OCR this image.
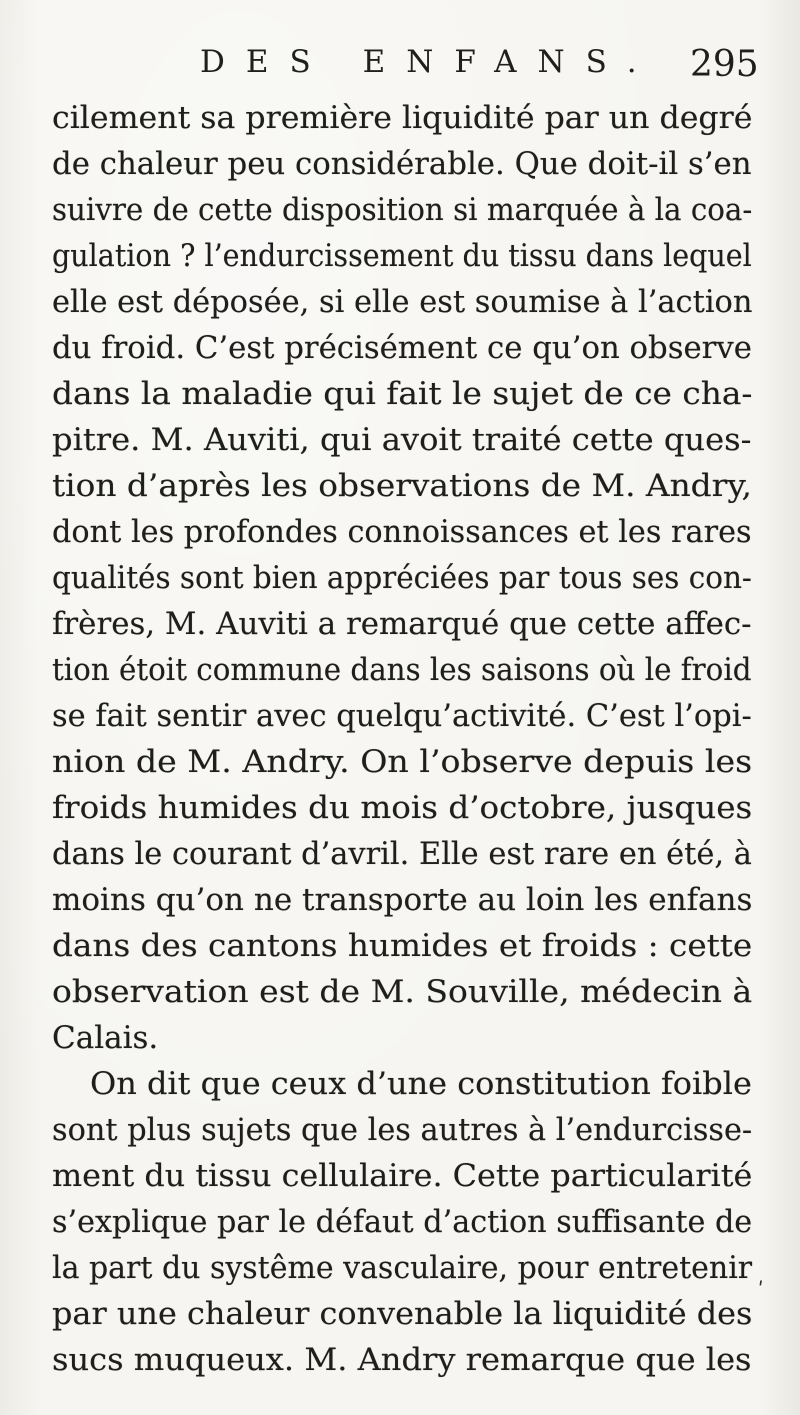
DES ENFANS. 295
cilement sa première liquidité par un degré
de chaleur peu considérable. Que doit-il s’en
suivre de cette disposition si marquée à la coa-
gulation ? l’endurcissement du tissu dans lequel
elle est déposée, si elle est soumise à l’action
du froid. C’est précisément ce qu’on observe
dans la maladie qui fait le sujet de ce cha-
pitre. M. Auviti, qui avoit traité cette ques-
tion d’après les observations de M. Andry,
dont les profondes connoissances et les rares
qualités sont bien appréciées par tous ses con-
frères, M. Auviti a remarqué que cette affec-
tion étoit commune dans les saisons où le froid
se fait sentir avec quelqu’activité. C’est l’opi-
nion de M. Andry. On l’observe depuis les
froids humides du mois d’octobre, jusques
dans le courant d’avril. Elle est rare en été, à
moins qu’on ne transporte au loin les enfans
dans des cantons humides et froids : cette
observation est de M. Souville, médecin à
Calais.
On dit que ceux d’une constitution foible
sont plus sujets que les autres à l’endurcisse-
ment du tissu cellulaire. Cette particularité
s’explique par le défaut d’action suffisante de
la part du systême vasculaire, pour entretenir
par une chaleur convenable la liquidité des
sucs muqueux. M. Andry remarque que les
ʹ
